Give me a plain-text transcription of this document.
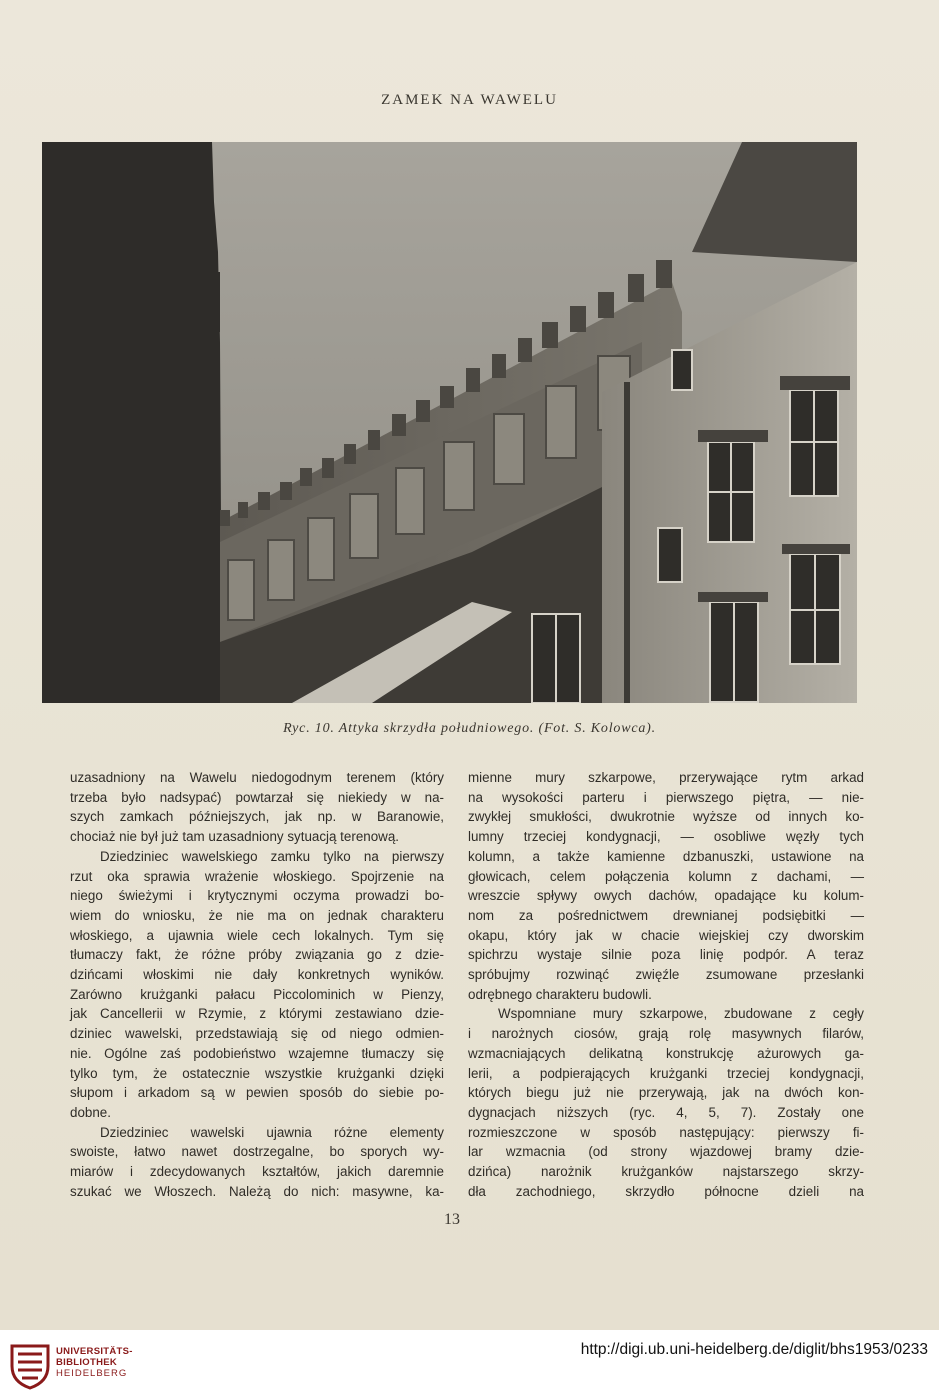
ZAMEK NA WAWELU
Ryc. 10. Attyka skrzydła południowego. (Fot. S. Kolowca).
uzasadniony na Wawelu niedogodnym terenem (który
trzeba było nadsypać) powtarzał się niekiedy w na-
szych zamkach późniejszych, jak np. w Baranowie,
chociaż nie był już tam uzasadniony sytuacją terenową.
Dziedziniec wawelskiego zamku tylko na pierwszy
rzut oka sprawia wrażenie włoskiego. Spojrzenie na
niego świeżymi i krytycznymi oczyma prowadzi bo-
wiem do wniosku, że nie ma on jednak charakteru
włoskiego, a ujawnia wiele cech lokalnych. Tym się
tłumaczy fakt, że różne próby związania go z dzie-
dzińcami włoskimi nie dały konkretnych wyników.
Zarówno krużganki pałacu Piccolominich w Pienzy,
jak Cancellerii w Rzymie, z którymi zestawiano dzie-
dziniec wawelski, przedstawiają się od niego odmien-
nie. Ogólne zaś podobieństwo wzajemne tłumaczy się
tylko tym, że ostatecznie wszystkie krużganki dzięki
słupom i arkadom są w pewien sposób do siebie po-
dobne.
Dziedziniec wawelski ujawnia różne elementy
swoiste, łatwo nawet dostrzegalne, bo sporych wy-
miarów i zdecydowanych kształtów, jakich daremnie
szukać we Włoszech. Należą do nich: masywne, ka-
mienne mury szkarpowe, przerywające rytm arkad
na wysokości parteru i pierwszego piętra, — nie-
zwykłej smukłości, dwukrotnie wyższe od innych ko-
lumny trzeciej kondygnacji, — osobliwe węzły tych
kolumn, a także kamienne dzbanuszki, ustawione na
głowicach, celem połączenia kolumn z dachami, —
wreszcie spływy owych dachów, opadające ku kolum-
nom za pośrednictwem drewnianej podsiębitki —
okapu, który jak w chacie wiejskiej czy dworskim
spichrzu wystaje silnie poza linię podpór. A teraz
spróbujmy rozwinąć zwięźle zsumowane przesłanki
odrębnego charakteru budowli.
Wspomniane mury szkarpowe, zbudowane z cegły
i narożnych ciosów, grają rolę masywnych filarów,
wzmacniających delikatną konstrukcję ażurowych ga-
lerii, a podpierających krużganki trzeciej kondygnacji,
których biegu już nie przerywają, jak na dwóch kon-
dygnacjach niższych (ryc. 4, 5, 7). Zostały one
rozmieszczone w sposób następujący: pierwszy fi-
lar wzmacnia (od strony wjazdowej bramy dzie-
dzińca) narożnik krużganków najstarszego skrzy-
dła zachodniego, skrzydło północne dzieli na
13
UNIVERSITÄTS-
BIBLIOTHEK
HEIDELBERG
http://digi.ub.uni-heidelberg.de/diglit/bhs1953/0233
